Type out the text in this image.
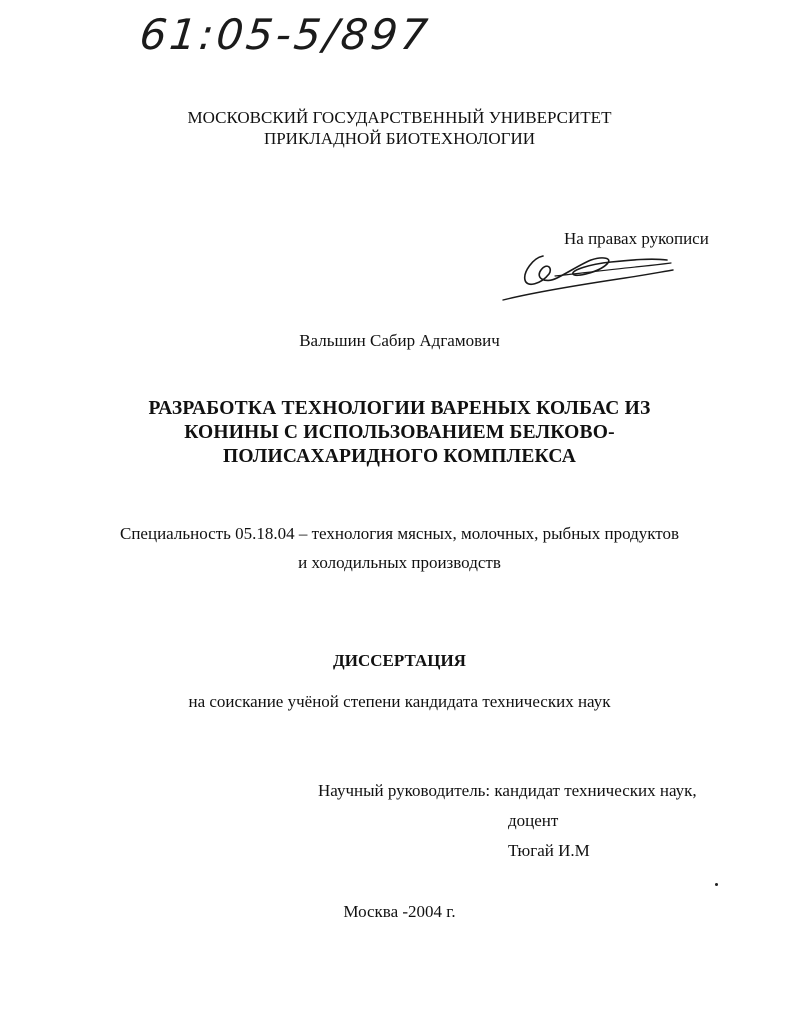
61:05-5/897
МОСКОВСКИЙ ГОСУДАРСТВЕННЫЙ УНИВЕРСИТЕТ
ПРИКЛАДНОЙ БИОТЕХНОЛОГИИ
На правах рукописи
Вальшин Сабир Адгамович
РАЗРАБОТКА ТЕХНОЛОГИИ ВАРЕНЫХ КОЛБАС ИЗ
КОНИНЫ С ИСПОЛЬЗОВАНИЕМ БЕЛКОВО-
ПОЛИСАХАРИДНОГО КОМПЛЕКСА
Специальность 05.18.04 – технология мясных, молочных, рыбных продуктов
и холодильных производств
ДИССЕРТАЦИЯ
на соискание учёной степени кандидата технических наук
Научный руководитель: кандидат технических наук,
доцент
Тюгай И.М
Москва -2004 г.
